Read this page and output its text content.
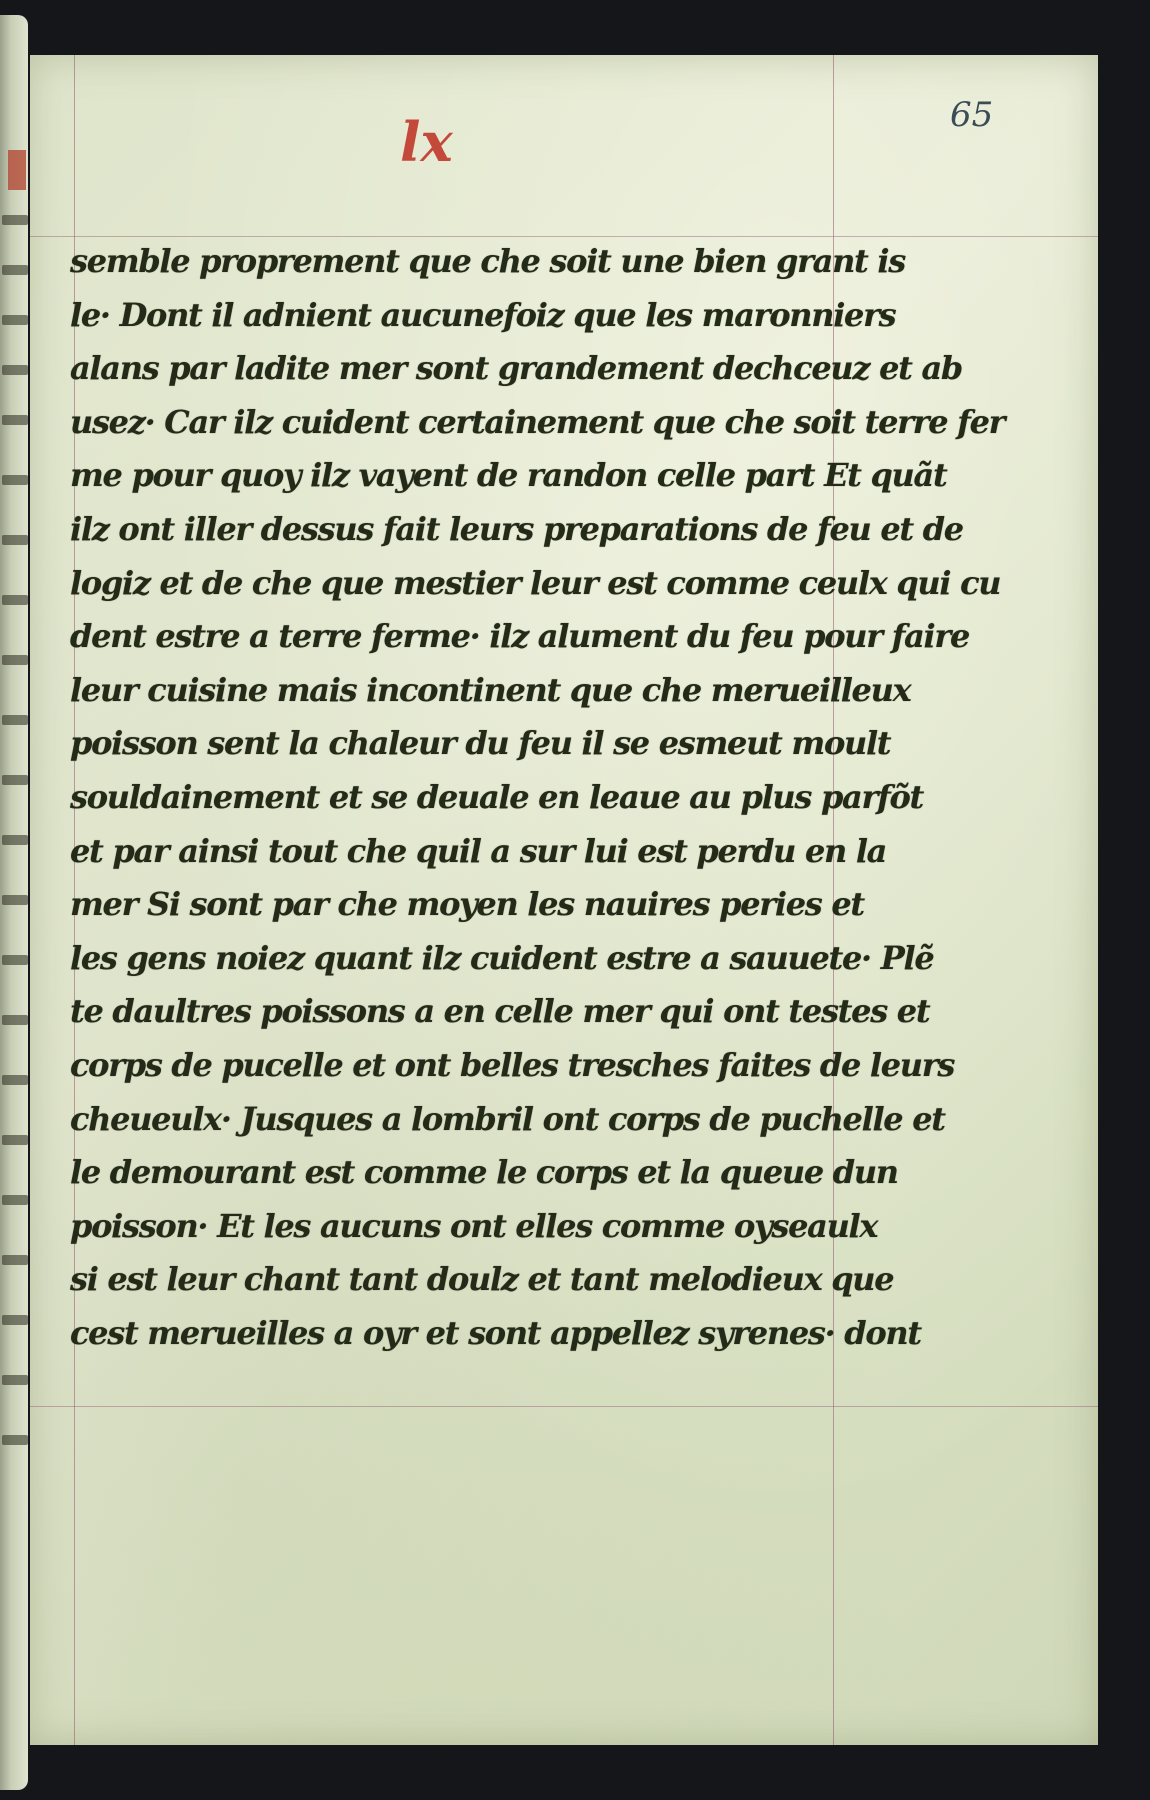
65

lx

semble proprement que che soit une bien grant is
le· Dont il adnient aucunefoiz que les maronniers
alans par ladite mer sont grandement dechceuz et ab
usez· Car ilz cuident certainement que che soit terre fer
me pour quoy ilz vayent de randon celle part Et quãt
ilz ont iller dessus fait leurs preparations de feu et de
logiz et de che que mestier leur est comme ceulx qui cu
dent estre a terre ferme· ilz alument du feu pour faire
leur cuisine mais incontinent que che merueilleux
poisson sent la chaleur du feu il se esmeut moult
souldainement et se deuale en leaue au plus parfõt
et par ainsi tout che quil a sur lui est perdu en la
mer Si sont par che moyen les nauires peries et
les gens noiez quant ilz cuident estre a sauuete· Plẽ
te daultres poissons a en celle mer qui ont testes et
corps de pucelle et ont belles tresches faites de leurs
cheueulx· Jusques a lombril ont corps de puchelle et
le demourant est comme le corps et la queue dun
poisson· Et les aucuns ont elles comme oyseaulx
si est leur chant tant doulz et tant melodieux que
cest merueilles a oyr et sont appellez syrenes· dont
